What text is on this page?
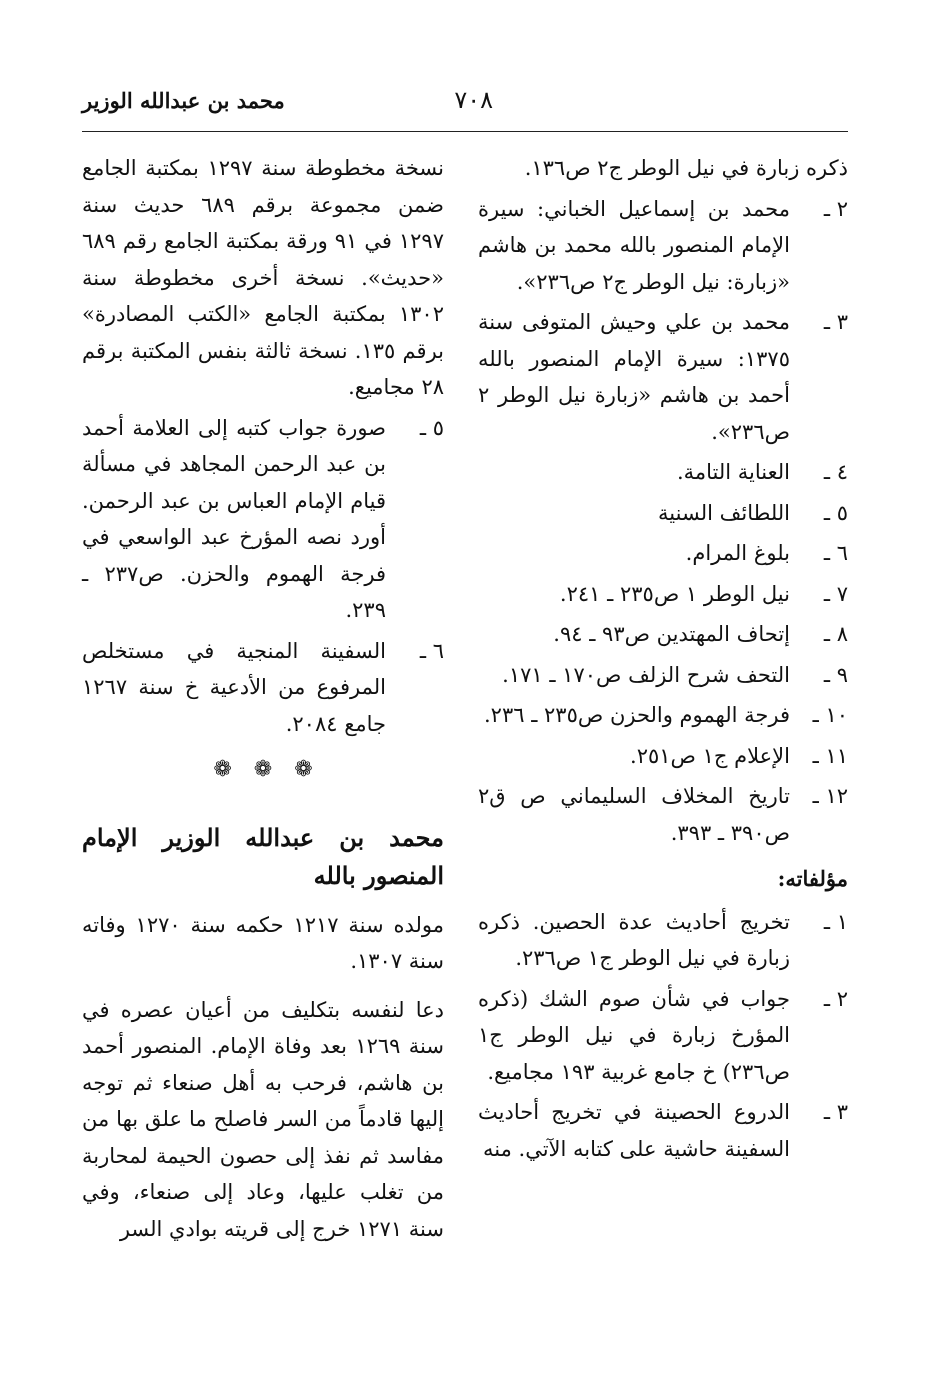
٧٠٨
محمد بن عبدالله الوزير
ذكره زبارة في نيل الوطر ج٢ ص١٣٦.
٢ ـ
محمد بن إسماعيل الخباني: سيرة الإمام المنصور بالله محمد بن هاشم «زبارة: نيل الوطر ج٢ ص٢٣٦».
٣ ـ
محمد بن علي وحيش المتوفى سنة ١٣٧٥: سيرة الإمام المنصور بالله أحمد بن هاشم «زبارة نيل الوطر ٢ ص٢٣٦».
٤ ـ
العناية التامة.
٥ ـ
اللطائف السنية
٦ ـ
بلوغ المرام.
٧ ـ
نيل الوطر ١ ص٢٣٥ ـ ٢٤١.
٨ ـ
إتحاف المهتدين ص٩٣ ـ ٩٤.
٩ ـ
التحف شرح الزلف ص١٧٠ ـ ١٧١.
١٠ ـ
فرجة الهموم والحزن ص٢٣٥ ـ ٢٣٦.
١١ ـ
الإعلام ج١ ص٢٥١.
١٢ ـ
تاريخ المخلاف السليماني ص ق٢ ص٣٩٠ ـ ٣٩٣.
مؤلفاته:
١ ـ
تخريج أحاديث عدة الحصين. ذكره زبارة في نيل الوطر ج١ ص٢٣٦.
٢ ـ
جواب في شأن صوم الشك (ذكره المؤرخ زبارة في نيل الوطر ج١ ص٢٣٦) خ جامع غربية ١٩٣ مجاميع.
٣ ـ
الدروع الحصينة في تخريج أحاديث السفينة حاشية على كتابه الآتي. منه
نسخة مخطوطة سنة ١٢٩٧ بمكتبة الجامع ضمن مجموعة برقم ٦٨٩ حديث سنة ١٢٩٧ في ٩١ ورقة بمكتبة الجامع رقم ٦٨٩ «حديث». نسخة أخرى مخطوطة سنة ١٣٠٢ بمكتبة الجامع «الكتب المصادرة» برقم ١٣٥. نسخة ثالثة بنفس المكتبة برقم ٢٨ مجاميع.
٥ ـ
صورة جواب كتبه إلى العلامة أحمد بن عبد الرحمن المجاهد في مسألة قيام الإمام العباس بن عبد الرحمن. أورد نصه المؤرخ عبد الواسعي في فرجة الهموم والحزن. ص٢٣٧ ـ ٢٣٩.
٦ ـ
السفينة المنجية في مستخلص المرفوع من الأدعية خ سنة ١٢٦٧ جامع ٢٠٨٤.
❁❁❁
محمد بن عبدالله الوزير الإمام المنصور بالله
مولده سنة ١٢١٧ حكمه سنة ١٢٧٠ وفاته سنة ١٣٠٧.
دعا لنفسه بتكليف من أعيان عصره في سنة ١٢٦٩ بعد وفاة الإمام. المنصور أحمد بن هاشم، فرحب به أهل صنعاء ثم توجه إليها قادماً من السر فاصلح ما علق بها من مفاسد ثم نفذ إلى حصون الحيمة لمحاربة من تغلب عليها، وعاد إلى صنعاء، وفي سنة ١٢٧١ خرج إلى قريته بوادي السر
